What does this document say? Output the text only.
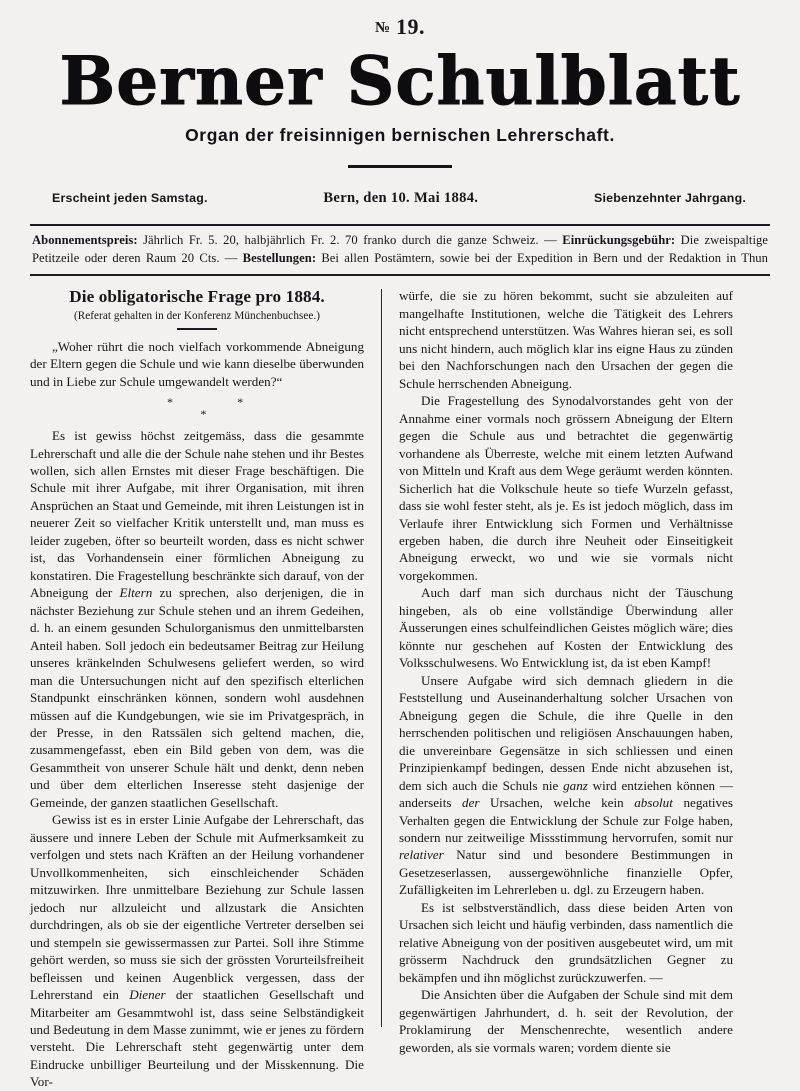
№ 19.
Berner Schulblatt
Organ der freisinnigen bernischen Lehrerschaft.
Erscheint jeden Samstag.	Bern, den 10. Mai 1884.	Siebenzehnter Jahrgang.
Abonnementspreis: Jährlich Fr. 5. 20, halbjährlich Fr. 2. 70 franko durch die ganze Schweiz. — Einrückungsgebühr: Die zweispaltige Petitzeile oder deren Raum 20 Cts. — Bestellungen: Bei allen Postämtern, sowie bei der Expedition in Bern und der Redaktion in Thun
Die obligatorische Frage pro 1884.
(Referat gehalten in der Konferenz Münchenbuchsee.)

„Woher rührt die noch vielfach vorkommende Abneigung der Eltern gegen die Schule und wie kann dieselbe überwunden und in Liebe zur Schule umgewandelt werden?“

*	*
*

Es ist gewiss höchst zeitgemäss, dass die gesammte Lehrerschaft und alle die der Schule nahe stehen und ihr Bestes wollen, sich allen Ernstes mit dieser Frage beschäftigen. Die Schule mit ihrer Aufgabe, mit ihrer Organisation, mit ihren Ansprüchen an Staat und Gemeinde, mit ihren Leistungen ist in neuerer Zeit so vielfacher Kritik unterstellt und, man muss es leider zugeben, öfter so beurteilt worden, dass es nicht schwer ist, das Vorhandensein einer förmlichen Abneigung zu konstatiren. Die Fragestellung beschränkte sich darauf, von der Abneigung der Eltern zu sprechen, also derjenigen, die in nächster Beziehung zur Schule stehen und an ihrem Gedeihen, d. h. an einem gesunden Schulorganismus den unmittelbarsten Anteil haben. Soll jedoch ein bedeutsamer Beitrag zur Heilung unseres kränkelnden Schulwesens geliefert werden, so wird man die Untersuchungen nicht auf den spezifisch elterlichen Standpunkt einschränken können, sondern wohl ausdehnen müssen auf die Kundgebungen, wie sie im Privatgespräch, in der Presse, in den Ratssälen sich geltend machen, die, zusammengefasst, eben ein Bild geben von dem, was die Gesammtheit von unserer Schule hält und denkt, denn neben und über dem elterlichen Inseresse steht dasjenige der Gemeinde, der ganzen staatlichen Gesellschaft.

Gewiss ist es in erster Linie Aufgabe der Lehrerschaft, das äussere und innere Leben der Schule mit Aufmerksamkeit zu verfolgen und stets nach Kräften an der Heilung vorhandener Unvollkommenheiten, sich einschleichender Schäden mitzuwirken. Ihre unmittelbare Beziehung zur Schule lassen jedoch nur allzuleicht und allzustark die Ansichten durchdringen, als ob sie der eigentliche Vertreter derselben sei und stempeln sie gewissermassen zur Partei. Soll ihre Stimme gehört werden, so muss sie sich der grössten Vorurteilsfreiheit befleissen und keinen Augenblick vergessen, dass der Lehrerstand ein Diener der staatlichen Gesellschaft und Mitarbeiter am Gesammtwohl ist, dass seine Selbständigkeit und Bedeutung in dem Masse zunimmt, wie er jenes zu fördern versteht. Die Lehrerschaft steht gegenwärtig unter dem Eindrucke unbilliger Beurteilung und der Misskennung. Die Vor-

würfe, die sie zu hören bekommt, sucht sie abzuleiten auf mangelhafte Institutionen, welche die Tätigkeit des Lehrers nicht entsprechend unterstützen. Was Wahres hieran sei, es soll uns nicht hindern, auch möglich klar ins eigne Haus zu zünden bei den Nachforschungen nach den Ursachen der gegen die Schule herrschenden Abneigung.

Die Fragestellung des Synodalvorstandes geht von der Annahme einer vormals noch grössern Abneigung der Eltern gegen die Schule aus und betrachtet die gegenwärtig vorhandene als Überreste, welche mit einem letzten Aufwand von Mitteln und Kraft aus dem Wege geräumt werden könnten. Sicherlich hat die Volkschule heute so tiefe Wurzeln gefasst, dass sie wohl fester steht, als je. Es ist jedoch möglich, dass im Verlaufe ihrer Entwicklung sich Formen und Verhältnisse ergeben haben, die durch ihre Neuheit oder Einseitigkeit Abneigung erweckt, wo und wie sie vormals nicht vorgekommen.

Auch darf man sich durchaus nicht der Täuschung hingeben, als ob eine vollständige Überwindung aller Äusserungen eines schulfeindlichen Geistes möglich wäre; dies könnte nur geschehen auf Kosten der Entwicklung des Volksschulwesens. Wo Entwicklung ist, da ist eben Kampf!

Unsere Aufgabe wird sich demnach gliedern in die Feststellung und Auseinanderhaltung solcher Ursachen von Abneigung gegen die Schule, die ihre Quelle in den herrschenden politischen und religiösen Anschauungen haben, die unvereinbare Gegensätze in sich schliessen und einen Prinzipienkampf bedingen, dessen Ende nicht abzusehen ist, dem sich auch die Schuls nie ganz wird entziehen können — anderseits der Ursachen, welche kein absolut negatives Verhalten gegen die Entwicklung der Schule zur Folge haben, sondern nur zeitweilige Missstimmung hervorrufen, somit nur relativer Natur sind und besondere Bestimmungen in Gesetzeserlassen, aussergewöhnliche finanzielle Opfer, Zufälligkeiten im Lehrerleben u. dgl. zu Erzeugern haben.

Es ist selbstverständlich, dass diese beiden Arten von Ursachen sich leicht und häufig verbinden, dass namentlich die relative Abneigung von der positiven ausgebeutet wird, um mit grösserm Nachdruck den grundsätzlichen Gegner zu bekämpfen und ihn möglichst zurückzuwerfen. —

Die Ansichten über die Aufgaben der Schule sind mit dem gegenwärtigen Jahrhundert, d. h. seit der Revolution, der Proklamirung der Menschenrechte, wesentlich andere geworden, als sie vormals waren; vordem diente sie
